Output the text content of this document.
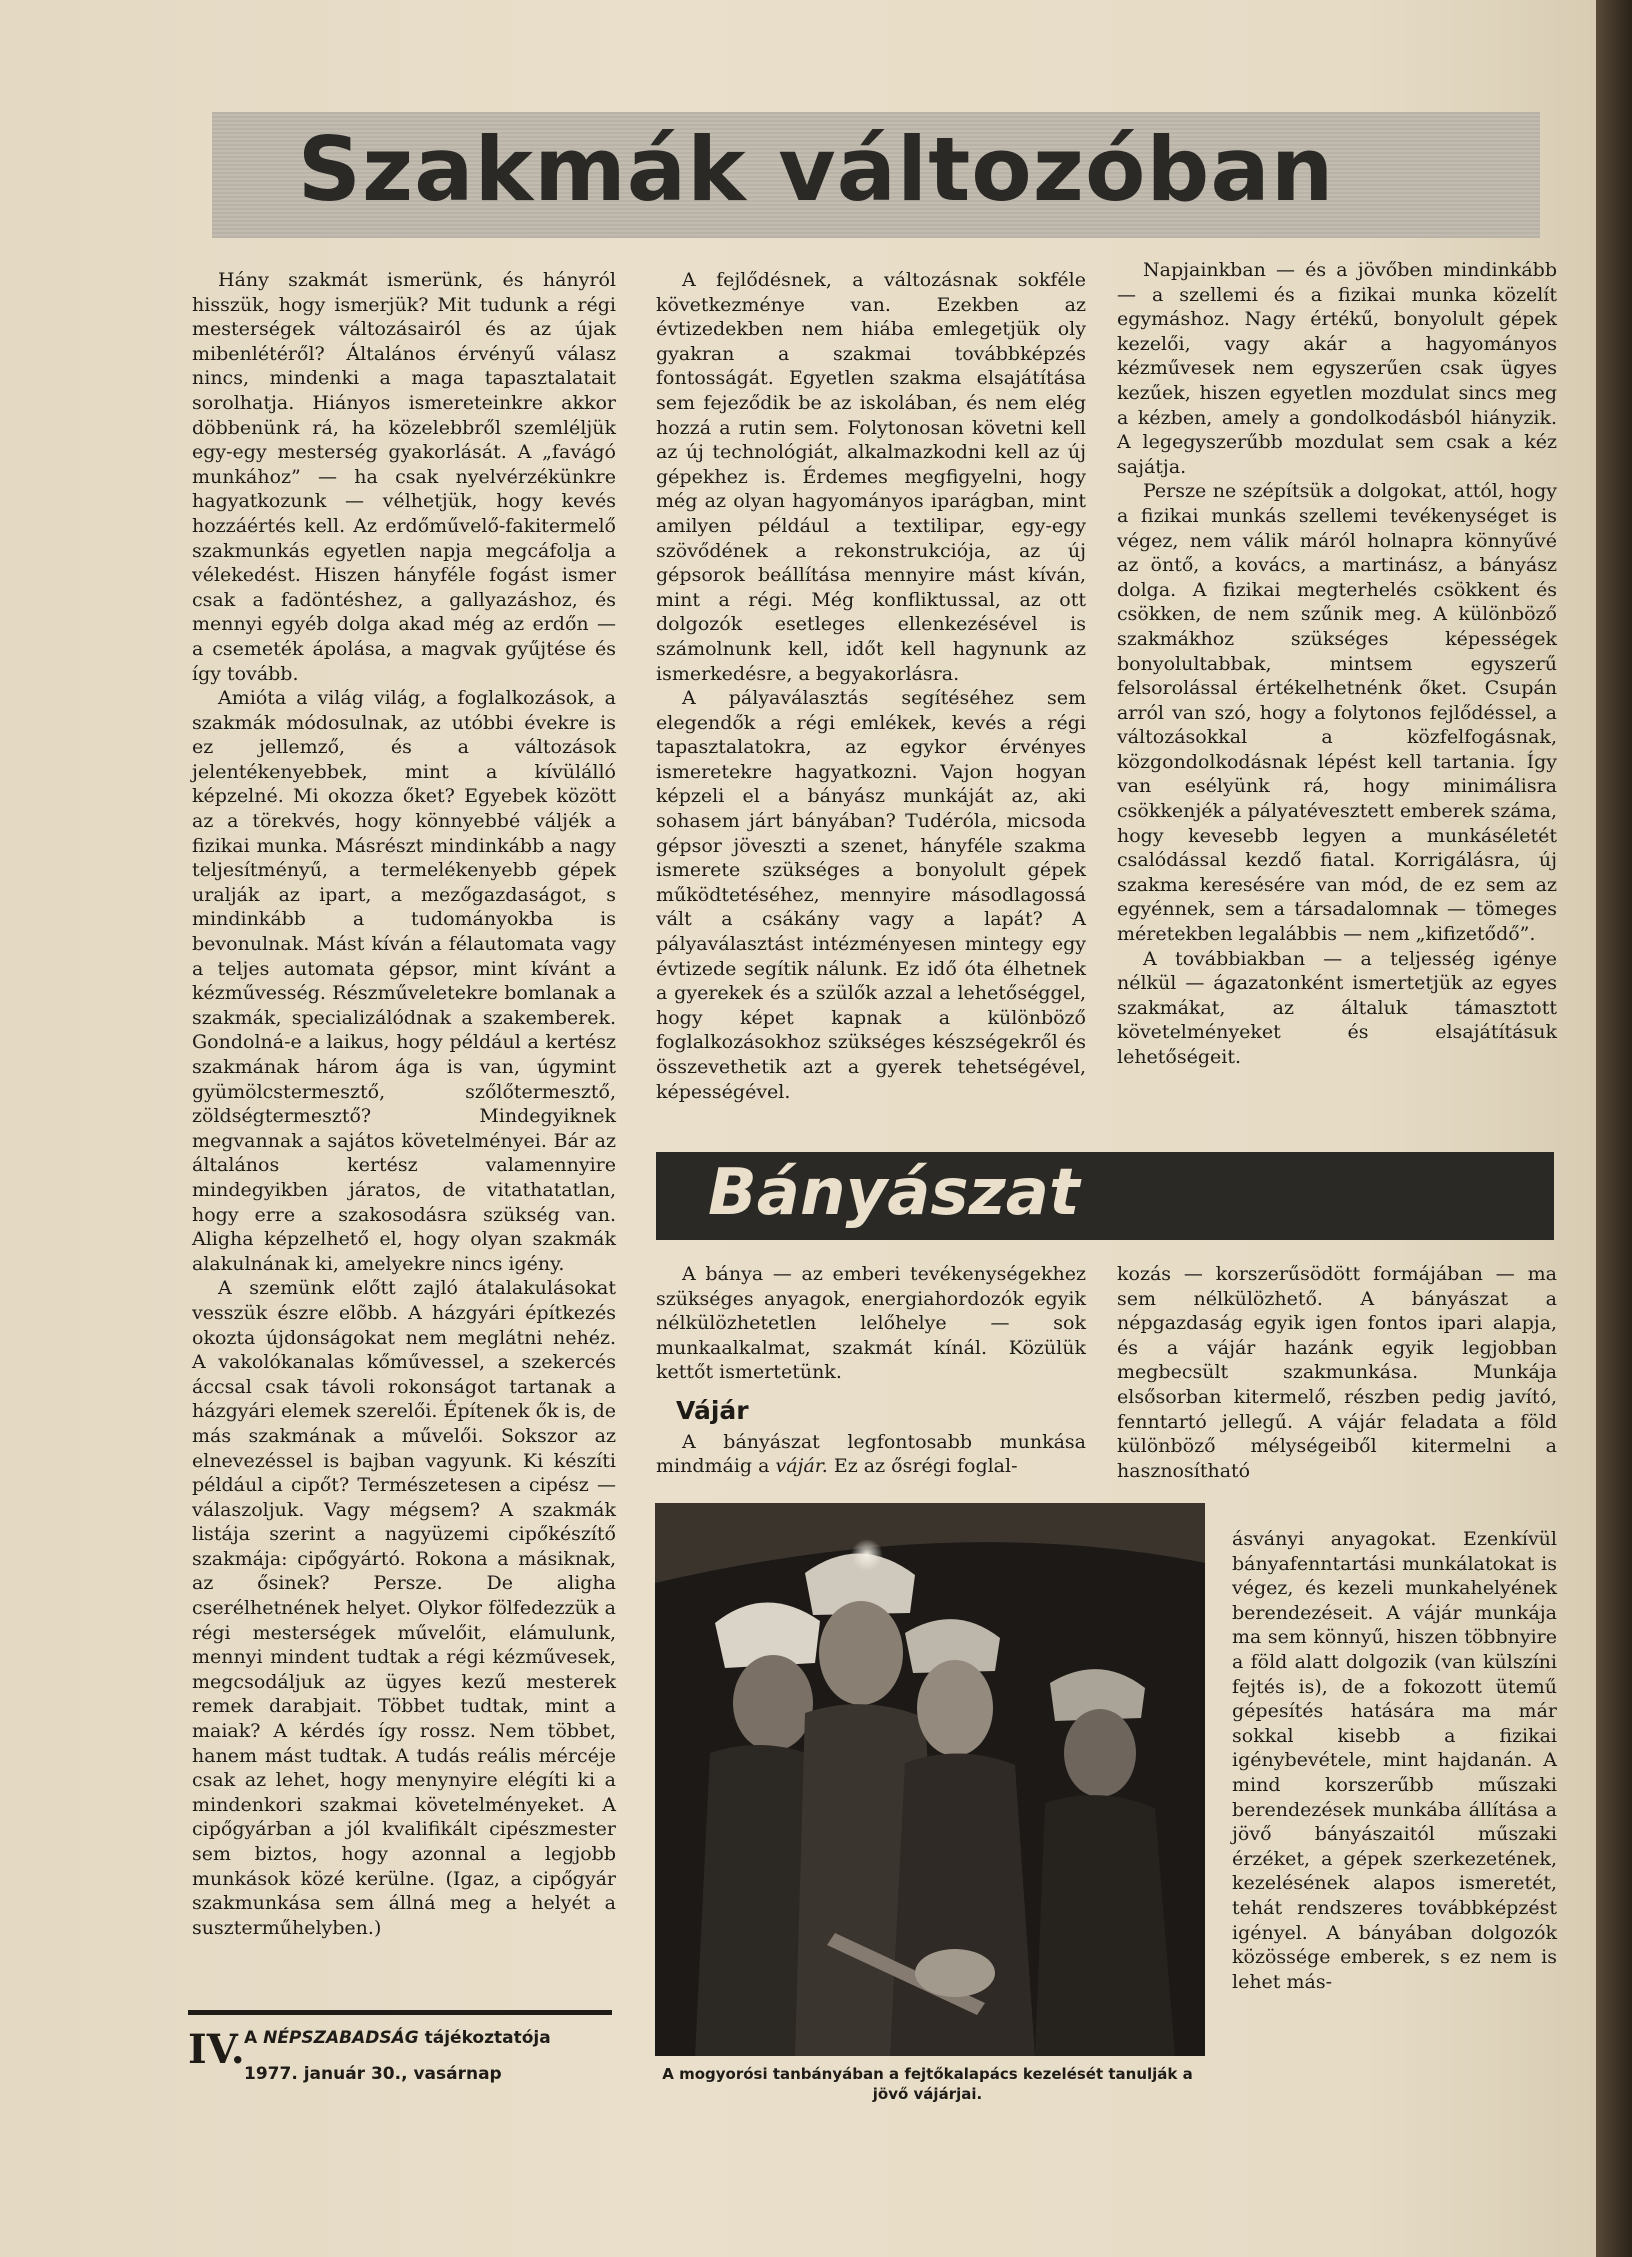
Szakmák változóban

Hány szakmát ismerünk, és hányról hisszük, hogy ismerjük? Mit tudunk a régi mesterségek változásairól és az újak mibenlétéről? Általános érvényű válasz nincs, mindenki a maga tapasztalatait sorolhatja. Hiányos ismereteinkre akkor döbbenünk rá, ha közelebbről szemléljük egy-egy mesterség gyakorlását. A „favágó munkához” — ha csak nyelvérzékünkre hagyatkozunk — vélhetjük, hogy kevés hozzáértés kell. Az erdőművelő-fakitermelő szakmunkás egyetlen napja megcáfolja a vélekedést. Hiszen hányféle fogást ismer csak a fadöntéshez, a gallyazáshoz, és mennyi egyéb dolga akad még az erdőn — a csemeték ápolása, a magvak gyűjtése és így tovább.

Amióta a világ világ, a foglalkozások, a szakmák módosulnak, az utóbbi évekre is ez jellemző, és a változások jelentékenyebbek, mint a kívülálló képzelné. Mi okozza őket? Egyebek között az a törekvés, hogy könnyebbé váljék a fizikai munka. Másrészt mindinkább a nagy teljesítményű, a termelékenyebb gépek uralják az ipart, a mezőgazdaságot, s mindinkább a tudományokba is bevonulnak. Mást kíván a félautomata vagy a teljes automata gépsor, mint kívánt a kézművesség. Részműveletekre bomlanak a szakmák, specializálódnak a szakemberek. Gondolná-e a laikus, hogy például a kertész szakmának három ága is van, úgymint gyümölcstermesztő, szőlőtermesztő, zöldségtermesztő? Mindegyiknek megvannak a sajátos követelményei. Bár az általános kertész valamennyire mindegyikben járatos, de vitathatatlan, hogy erre a szakosodásra szükség van. Aligha képzelhető el, hogy olyan szakmák alakulnának ki, amelyekre nincs igény.

A szemünk előtt zajló átalakulásokat vesszük észre elõbb. A házgyári építkezés okozta újdonságokat nem meglátni nehéz. A vakolókanalas kőművessel, a szekercés áccsal csak távoli rokonságot tartanak a házgyári elemek szerelői. Építenek ők is, de más szakmának a művelői. Sokszor az elnevezéssel is bajban vagyunk. Ki készíti például a cipőt? Természetesen a cipész — válaszoljuk. Vagy mégsem? A szakmák listája szerint a nagyüzemi cipőkészítő szakmája: cipőgyártó. Rokona a másiknak, az ősinek? Persze. De aligha cserélhetnének helyet. Olykor fölfedezzük a régi mesterségek művelőit, elámulunk, mennyi mindent tudtak a régi kézművesek, megcsodáljuk az ügyes kezű mesterek remek darabjait. Többet tudtak, mint a maiak? A kérdés így rossz. Nem többet, hanem mást tudtak. A tudás reális mércéje csak az lehet, hogy menynyire elégíti ki a mindenkori szakmai követelményeket. A cipőgyárban a jól kvalifikált cipészmester sem biztos, hogy azonnal a legjobb munkások közé kerülne. (Igaz, a cipőgyár szakmunkása sem állná meg a helyét a suszterműhelyben.)

A fejlődésnek, a változásnak sokféle következménye van. Ezekben az évtizedekben nem hiába emlegetjük oly gyakran a szakmai továbbképzés fontosságát. Egyetlen szakma elsajátítása sem fejeződik be az iskolában, és nem elég hozzá a rutin sem. Folytonosan követni kell az új technológiát, alkalmazkodni kell az új gépekhez is. Érdemes megfigyelni, hogy még az olyan hagyományos iparágban, mint amilyen például a textilipar, egy-egy szövődének a rekonstrukciója, az új gépsorok beállítása mennyire mást kíván, mint a régi. Még konfliktussal, az ott dolgozók esetleges ellenkezésével is számolnunk kell, időt kell hagynunk az ismerkedésre, a begyakorlásra.

A pályaválasztás segítéséhez sem elegendők a régi emlékek, kevés a régi tapasztalatokra, az egykor érvényes ismeretekre hagyatkozni. Vajon hogyan képzeli el a bányász munkáját az, aki sohasem járt bányában? Tudéróla, micsoda gépsor jöveszti a szenet, hányféle szakma ismerete szükséges a bonyolult gépek működtetéséhez, mennyire másodlagossá vált a csákány vagy a lapát? A pályaválasztást intézményesen mintegy egy évtizede segítik nálunk. Ez idő óta élhetnek a gyerekek és a szülők azzal a lehetőséggel, hogy képet kapnak a különböző foglalkozásokhoz szükséges készségekről és összevethetik azt a gyerek tehetségével, képességével.

Napjainkban — és a jövőben mindinkább — a szellemi és a fizikai munka közelít egymáshoz. Nagy értékű, bonyolult gépek kezelői, vagy akár a hagyományos kézművesek nem egyszerűen csak ügyes kezűek, hiszen egyetlen mozdulat sincs meg a kézben, amely a gondolkodásból hiányzik. A legegyszerűbb mozdulat sem csak a kéz sajátja.

Persze ne szépítsük a dolgokat, attól, hogy a fizikai munkás szellemi tevékenységet is végez, nem válik máról holnapra könnyűvé az öntő, a kovács, a martinász, a bányász dolga. A fizikai megterhelés csökkent és csökken, de nem szűnik meg. A különböző szakmákhoz szükséges képességek bonyolultabbak, mintsem egyszerű felsorolással értékelhetnénk őket. Csupán arról van szó, hogy a folytonos fejlődéssel, a változásokkal a közfelfogásnak, közgondolkodásnak lépést kell tartania. Így van esélyünk rá, hogy minimálisra csökkenjék a pályatévesztett emberek száma, hogy kevesebb legyen a munkáséletét csalódással kezdő fiatal. Korrigálásra, új szakma keresésére van mód, de ez sem az egyénnek, sem a társadalomnak — tömeges méretekben legalábbis — nem „kifizetődő”.

A továbbiakban — a teljesség igénye nélkül — ágazatonként ismertetjük az egyes szakmákat, az általuk támasztott követelményeket és elsajátításuk lehetőségeit.

Bányászat

A bánya — az emberi tevékenységekhez szükséges anyagok, energiahordozók egyik nélkülözhetetlen lelőhelye — sok munkaalkalmat, szakmát kínál. Közülük kettőt ismertetünk.

Vájár

A bányászat legfontosabb munkása mindmáig a vájár. Ez az ősrégi foglal-

kozás — korszerűsödött formájában — ma sem nélkülözhető. A bányászat a népgazdaság egyik igen fontos ipari alapja, és a vájár hazánk egyik legjobban megbecsült szakmunkása. Munkája elsősorban kitermelő, részben pedig javító, fenntartó jellegű. A vájár feladata a föld különböző mélységeiből kitermelni a hasznosítható

ásványi anyagokat. Ezenkívül bányafenntartási munkálatokat is végez, és kezeli munkahelyének berendezéseit. A vájár munkája ma sem könnyű, hiszen többnyire a föld alatt dolgozik (van külszíni fejtés is), de a fokozott ütemű gépesítés hatására ma már sokkal kisebb a fizikai igénybevétele, mint hajdanán. A mind korszerűbb műszaki berendezések munkába állítása a jövő bányászaitól műszaki érzéket, a gépek szerkezetének, kezelésének alapos ismeretét, tehát rendszeres továbbképzést igényel. A bányában dolgozók közössége emberek, s ez nem is lehet más-

A mogyorósi tanbányában a fejtőkalapács kezelését tanulják a jövő vájárjai.
IV. A NÉPSZABADSÁG tájékoztatója
1977. január 30., vasárnap
